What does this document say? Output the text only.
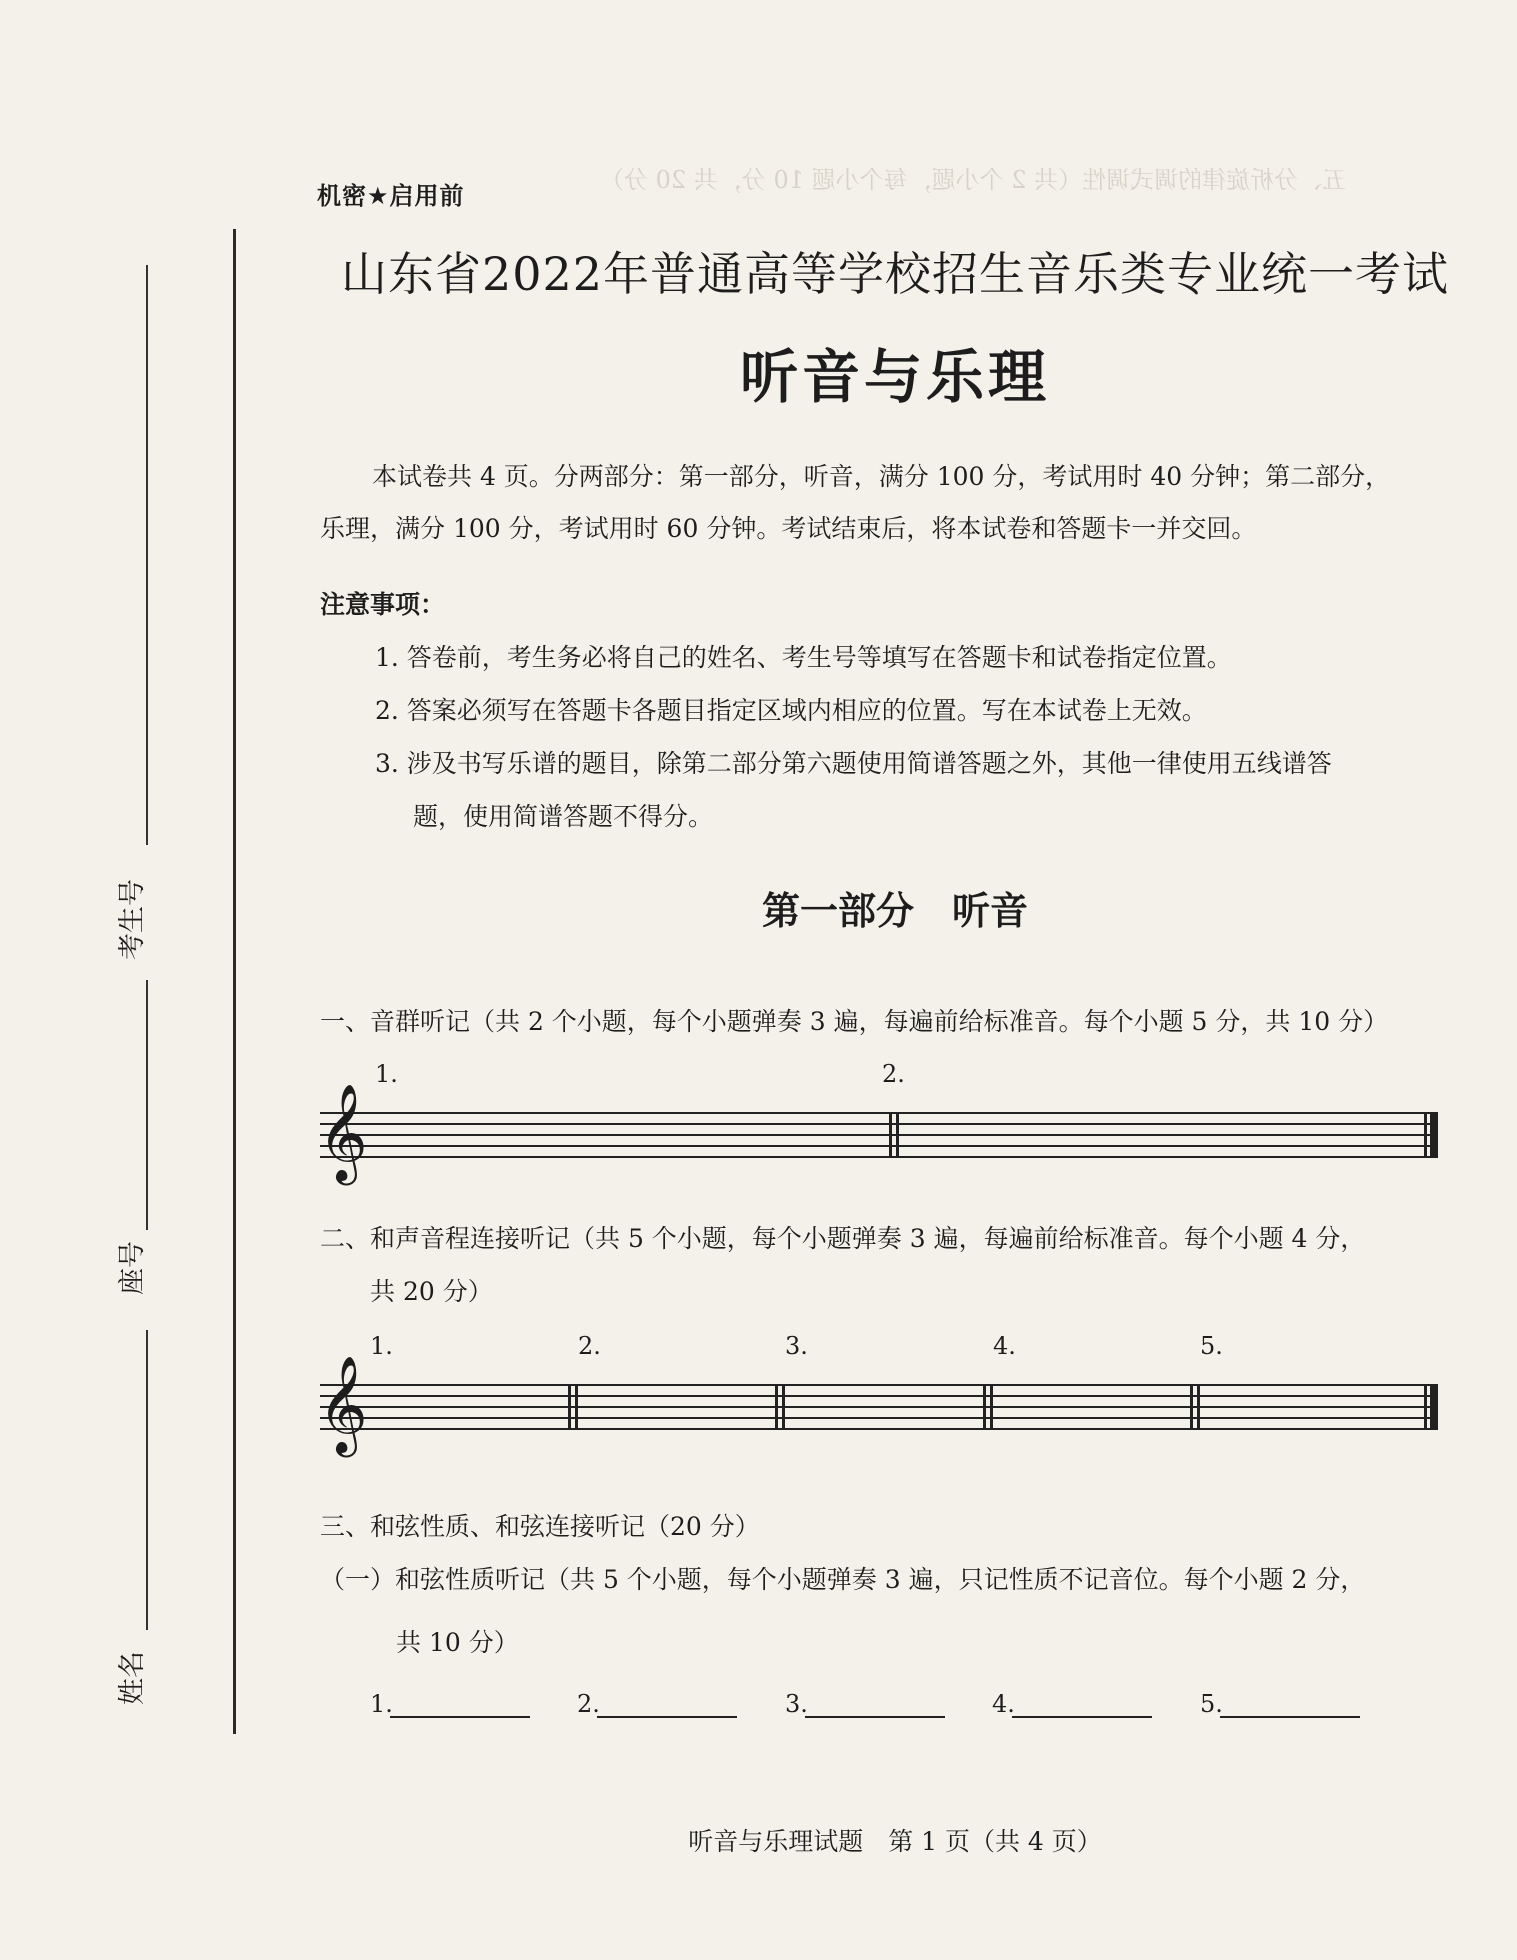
五、分析旋律的调式调性（共 2 个小题，每个小题 10 分，共 20 分）
机密★启用前
考生号
座号
姓名
山东省2022年普通高等学校招生音乐类专业统一考试
听音与乐理
本试卷共 4 页。分两部分：第一部分，听音，满分 100 分，考试用时 40 分钟；第二部分，
乐理，满分 100 分，考试用时 60 分钟。考试结束后，将本试卷和答题卡一并交回。
注意事项：
1. 答卷前，考生务必将自己的姓名、考生号等填写在答题卡和试卷指定位置。
2. 答案必须写在答题卡各题目指定区域内相应的位置。写在本试卷上无效。
3. 涉及书写乐谱的题目，除第二部分第六题使用简谱答题之外，其他一律使用五线谱答
题，使用简谱答题不得分。
第一部分　听音
一、音群听记（共 2 个小题，每个小题弹奏 3 遍，每遍前给标准音。每个小题 5 分，共 10 分）
1.	2.
𝄞
二、和声音程连接听记（共 5 个小题，每个小题弹奏 3 遍，每遍前给标准音。每个小题 4 分，
共 20 分）
1.	2.	3.	4.	5.
𝄞
三、和弦性质、和弦连接听记（20 分）
（一）和弦性质听记（共 5 个小题，每个小题弹奏 3 遍，只记性质不记音位。每个小题 2 分，
共 10 分）
1.	2.	3.	4.	5.
听音与乐理试题　第 1 页（共 4 页）
